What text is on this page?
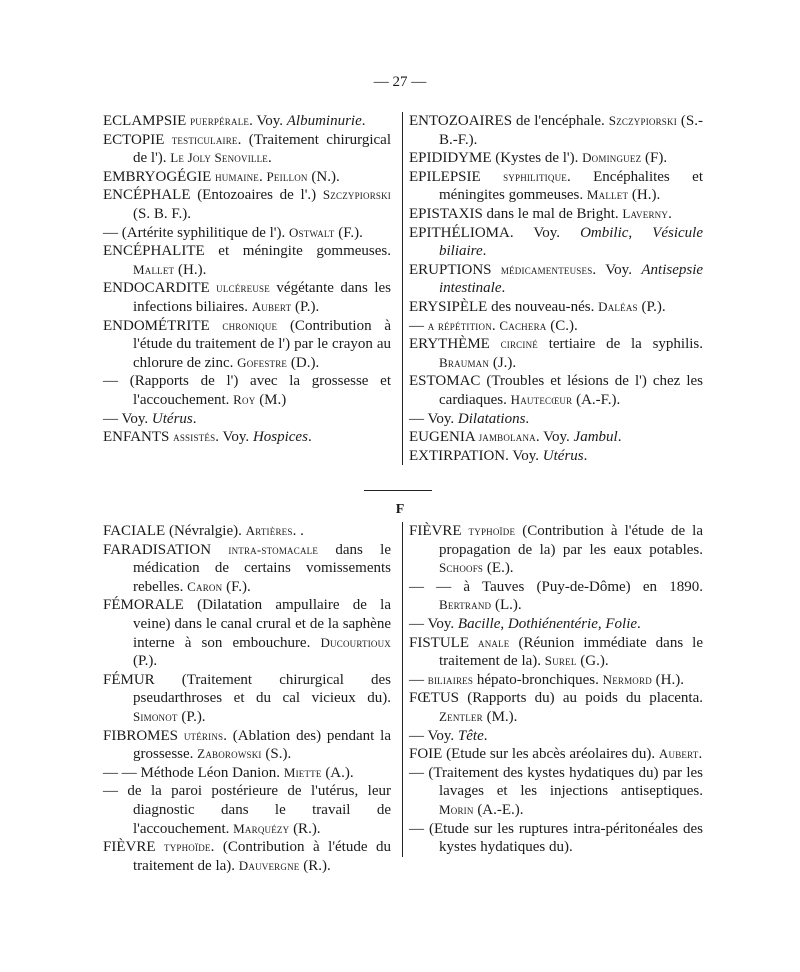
— 27 —
ECLAMPSIE puerpérale. Voy. Albuminurie.
ECTOPIE testiculaire. (Traitement chirurgical de l'). Le Joly Senoville.
EMBRYOGÉGIE humaine. Peillon (N.).
ENCÉPHALE (Entozoaires de l'.) Szczypiorski (S. B. F.).
— (Artérite syphilitique de l'). Ostwalt (F.).
ENCÉPHALITE et méningite gommeuses. Mallet (H.).
ENDOCARDITE ulcéreuse végétante dans les infections biliaires. Aubert (P.).
ENDOMÉTRITE chronique (Contribution à l'étude du traitement de l') par le crayon au chlorure de zinc. Gofestre (D.).
— (Rapports de l') avec la grossesse et l'accouchement. Roy (M.)
— Voy. Utérus.
ENFANTS assistés. Voy. Hospices.
ENTOZOAIRES de l'encéphale. Szczypiorski (S.-B.-F.).
EPIDIDYME (Kystes de l'). Dominguez (F).
EPILEPSIE syphilitique. Encéphalites et méningites gommeuses. Mallet (H.).
EPISTAXIS dans le mal de Bright. Laverny.
EPITHÉLIOMA. Voy. Ombilic, Vésicule biliaire.
ERUPTIONS médicamenteuses. Voy. Antisepsie intestinale.
ERYSIPÈLE des nouveau-nés. Daléas (P.).
— a répétition. Cachera (C.).
ERYTHÈME circiné tertiaire de la syphilis. Brauman (J.).
ESTOMAC (Troubles et lésions de l') chez les cardiaques. Hautecœur (A.-F.).
— Voy. Dilatations.
EUGENIA jambolana. Voy. Jambul.
EXTIRPATION. Voy. Utérus.
F
FACIALE (Névralgie). Artières. .
FARADISATION intra-stomacale dans le médication de certains vomissements rebelles. Caron (F.).
FÉMORALE (Dilatation ampullaire de la veine) dans le canal crural et de la saphène interne à son embouchure. Ducourtioux (P.).
FÉMUR (Traitement chirurgical des pseudarthroses et du cal vicieux du). Simonot (P.).
FIBROMES utérins. (Ablation des) pendant la grossesse. Zaborowski (S.).
— — Méthode Léon Danion. Miette (A.).
— de la paroi postérieure de l'utérus, leur diagnostic dans le travail de l'accouchement. Marquézy (R.).
FIÈVRE typhoïde. (Contribution à l'étude du traitement de la). Dauvergne (R.).
FIÈVRE typhoïde (Contribution à l'étude de la propagation de la) par les eaux potables. Schoofs (E.).
— — à Tauves (Puy-de-Dôme) en 1890. Bertrand (L.).
— Voy. Bacille, Dothiénentérie, Folie.
FISTULE anale (Réunion immédiate dans le traitement de la). Surel (G.).
— biliaires hépato-bronchiques. Nermord (H.).
FŒTUS (Rapports du) au poids du placenta. Zentler (M.).
— Voy. Tête.
FOIE (Etude sur les abcès aréolaires du). Aubert.
— (Traitement des kystes hydatiques du) par les lavages et les injections antiseptiques. Morin (A.-E.).
— (Etude sur les ruptures intra-péritonéales des kystes hydatiques du).
